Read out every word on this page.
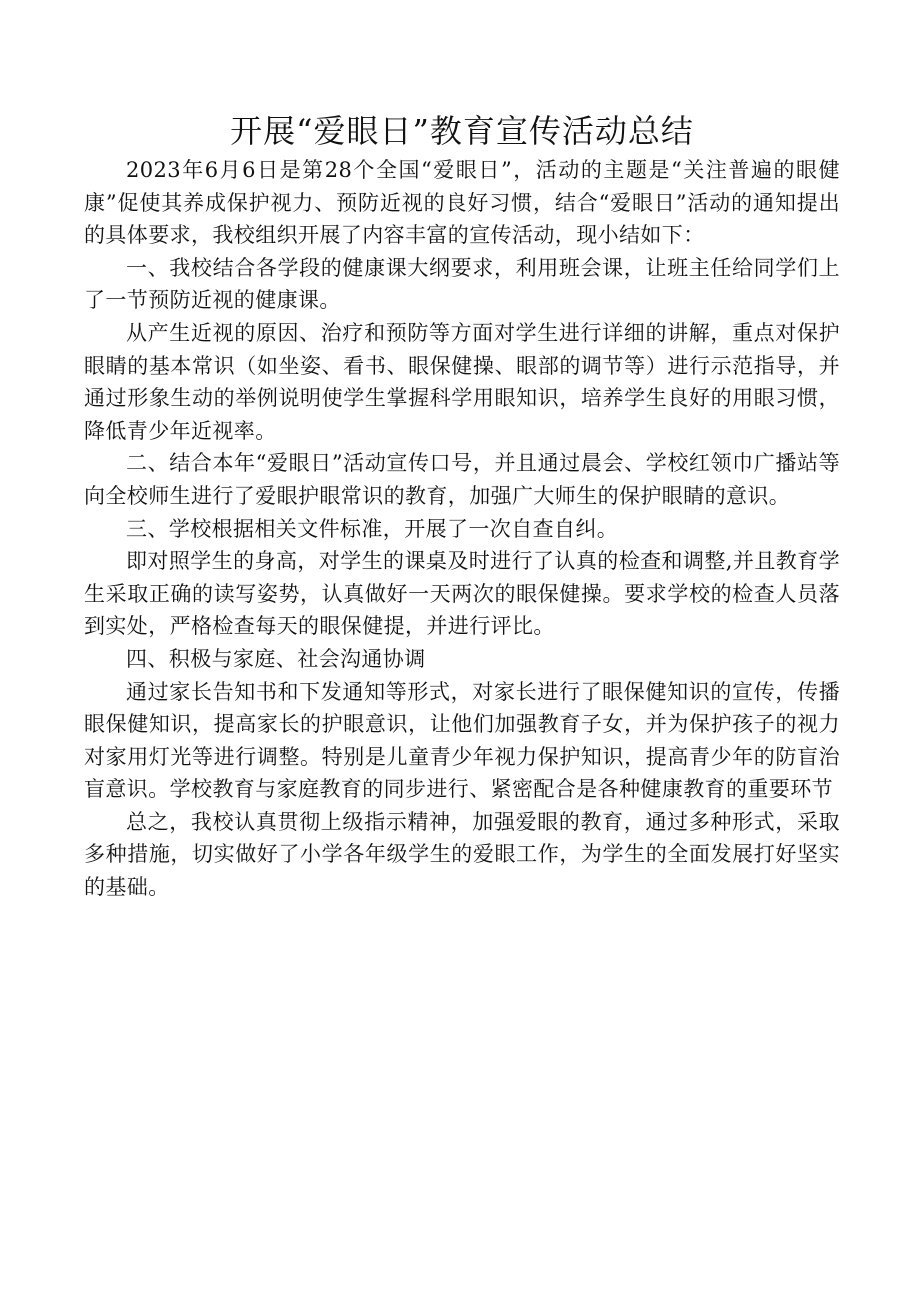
开展“爱眼日”教育宣传活动总结

2023年6月6日是第28个全国“爱眼日”，活动的主题是“关注普遍的眼健康”促使其养成保护视力、预防近视的良好习惯，结合“爱眼日”活动的通知提出的具体要求，我校组织开展了内容丰富的宣传活动，现小结如下：

一、我校结合各学段的健康课大纲要求，利用班会课，让班主任给同学们上了一节预防近视的健康课。

从产生近视的原因、治疗和预防等方面对学生进行详细的讲解，重点对保护眼睛的基本常识（如坐姿、看书、眼保健操、眼部的调节等）进行示范指导，并通过形象生动的举例说明使学生掌握科学用眼知识，培养学生良好的用眼习惯，降低青少年近视率。

二、结合本年“爱眼日”活动宣传口号，并且通过晨会、学校红领巾广播站等向全校师生进行了爱眼护眼常识的教育，加强广大师生的保护眼睛的意识。

三、学校根据相关文件标准，开展了一次自查自纠。

即对照学生的身高，对学生的课桌及时进行了认真的检查和调整,并且教育学生采取正确的读写姿势，认真做好一天两次的眼保健操。要求学校的检查人员落到实处，严格检查每天的眼保健提，并进行评比。

四、积极与家庭、社会沟通协调

通过家长告知书和下发通知等形式，对家长进行了眼保健知识的宣传，传播眼保健知识，提高家长的护眼意识，让他们加强教育子女，并为保护孩子的视力对家用灯光等进行调整。特别是儿童青少年视力保护知识，提高青少年的防盲治盲意识。学校教育与家庭教育的同步进行、紧密配合是各种健康教育的重要环节

总之，我校认真贯彻上级指示精神，加强爱眼的教育，通过多种形式，采取多种措施，切实做好了小学各年级学生的爱眼工作，为学生的全面发展打好坚实的基础。
